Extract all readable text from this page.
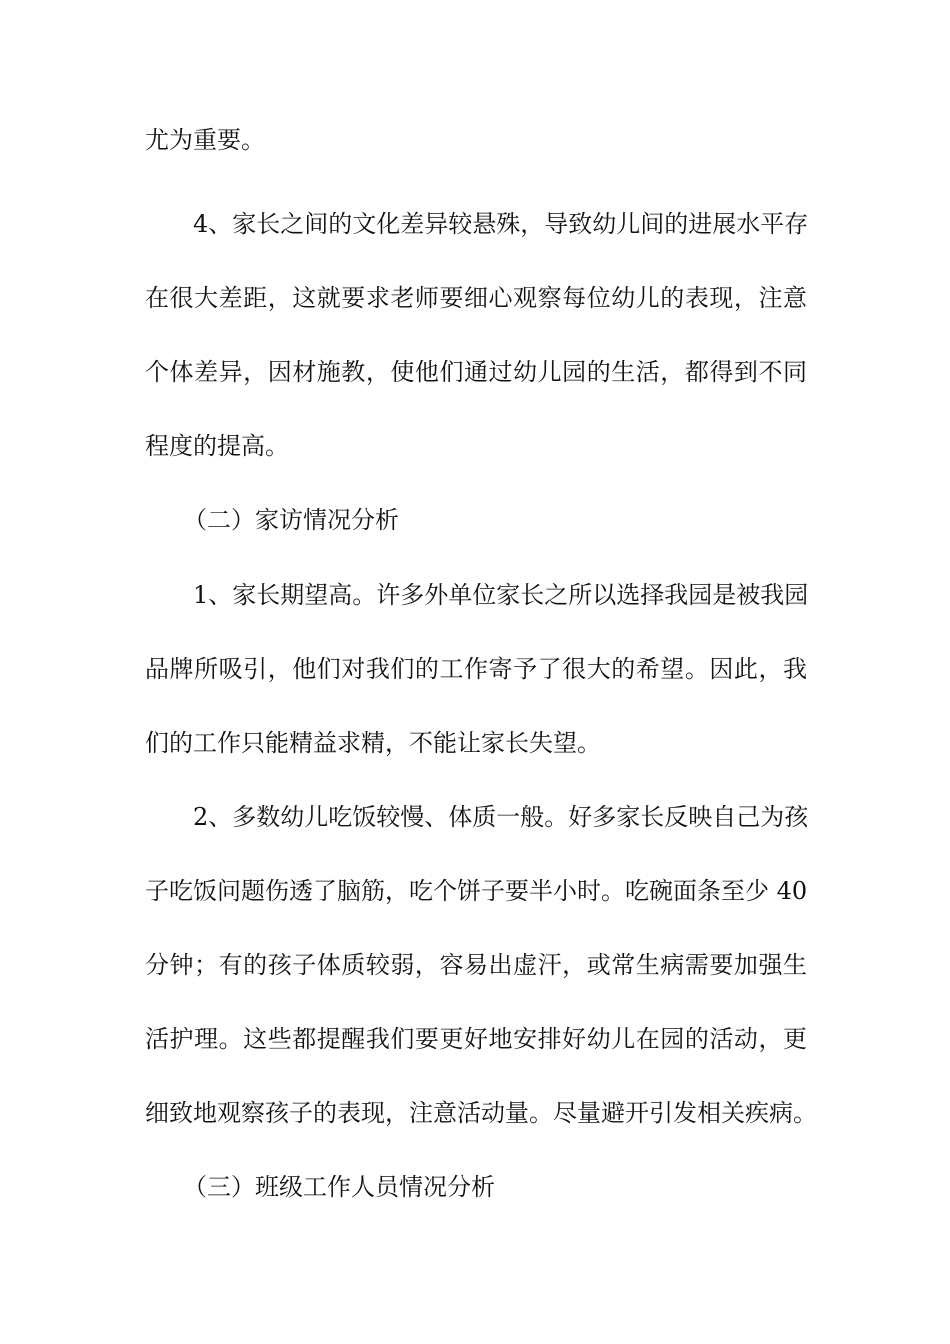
尤为重要。
4、家长之间的文化差异较悬殊，导致幼儿间的进展水平存
在很大差距，这就要求老师要细心观察每位幼儿的表现，注意
个体差异，因材施教，使他们通过幼儿园的生活，都得到不同
程度的提高。
（二）家访情况分析
1、家长期望高。许多外单位家长之所以选择我园是被我园
品牌所吸引，他们对我们的工作寄予了很大的希望。因此，我
们的工作只能精益求精，不能让家长失望。
2、多数幼儿吃饭较慢、体质一般。好多家长反映自己为孩
子吃饭问题伤透了脑筋，吃个饼子要半小时。吃碗面条至少 40
分钟；有的孩子体质较弱，容易出虚汗，或常生病需要加强生
活护理。这些都提醒我们要更好地安排好幼儿在园的活动，更
细致地观察孩子的表现，注意活动量。尽量避开引发相关疾病。
（三）班级工作人员情况分析
